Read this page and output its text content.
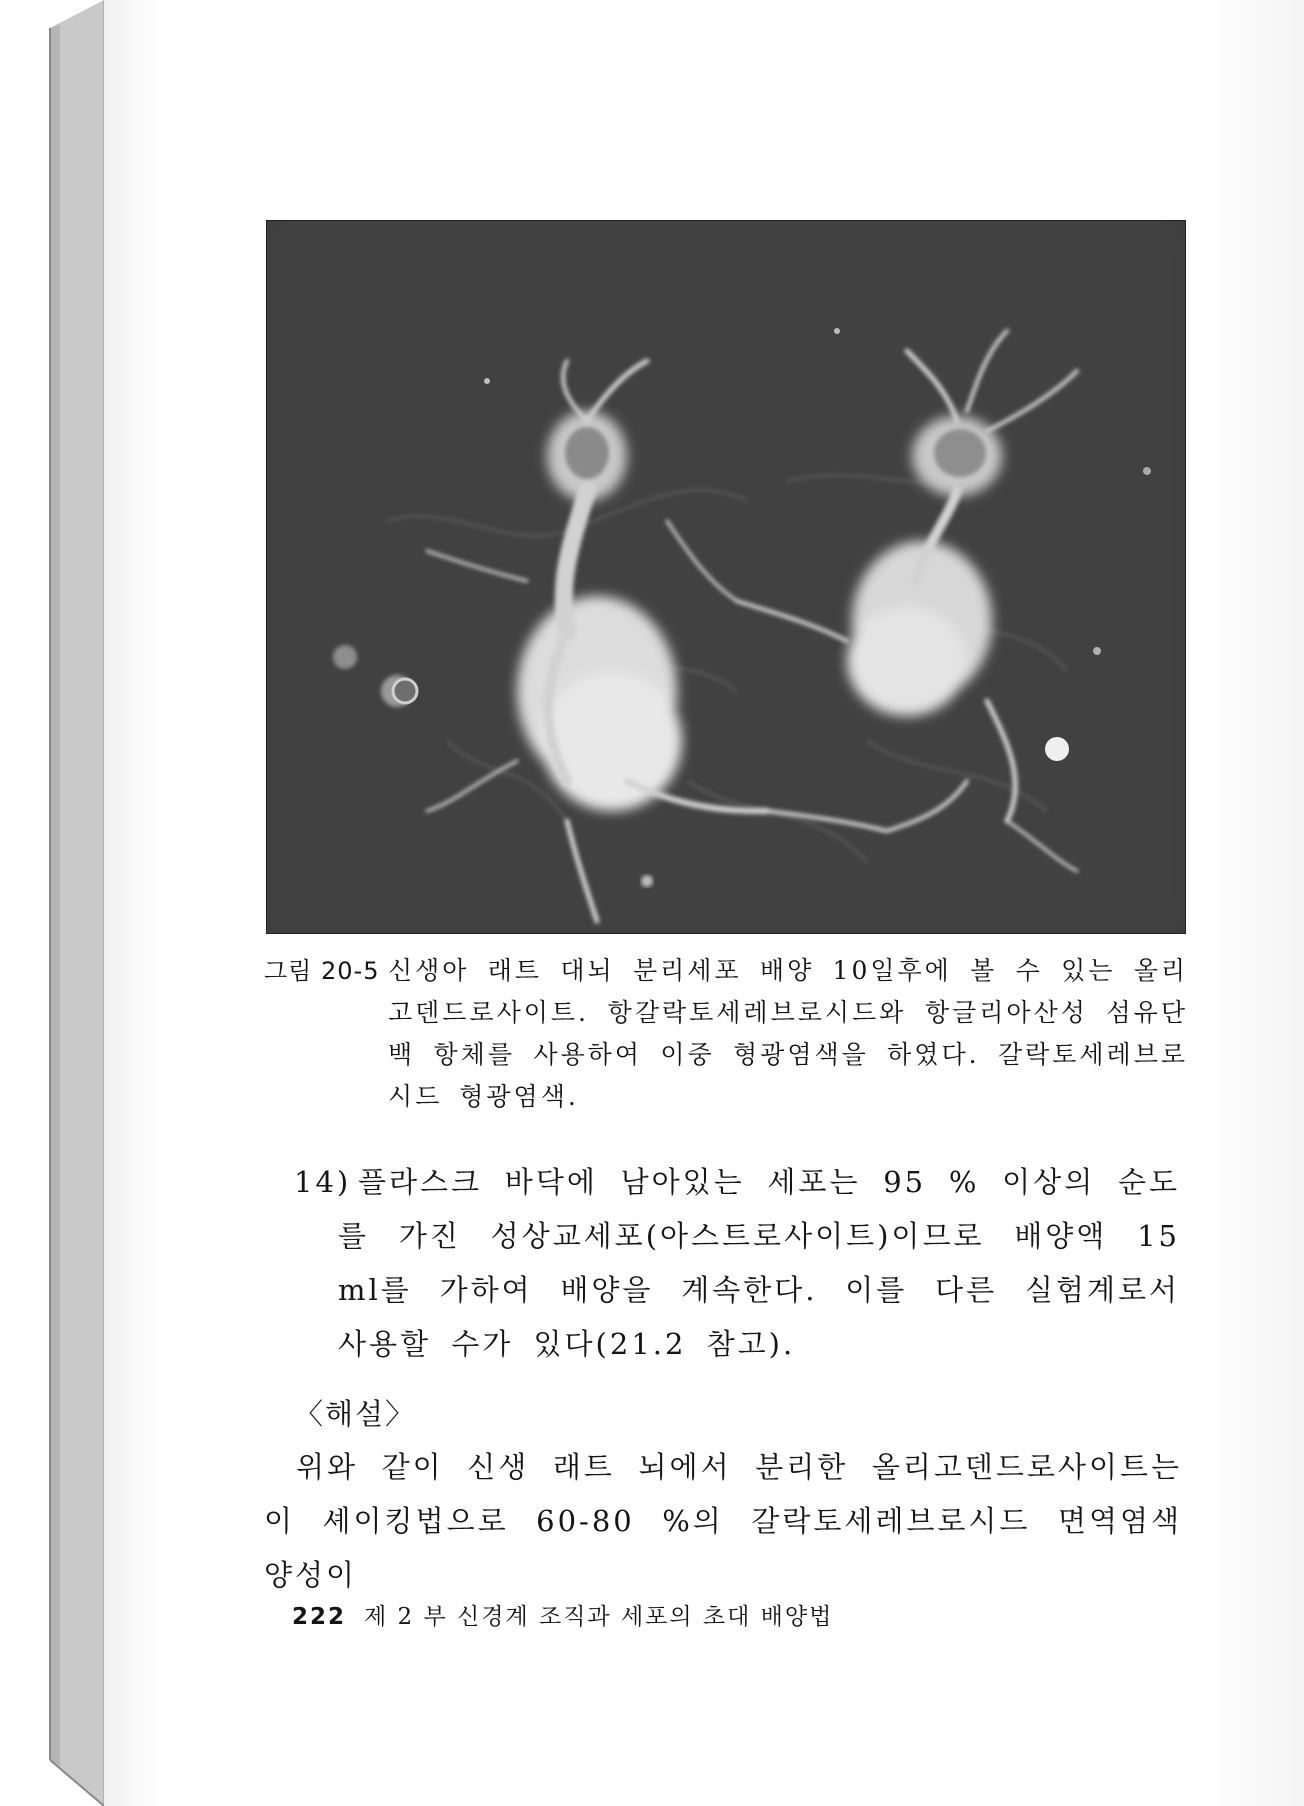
그림 20-5 신생아 래트 대뇌 분리세포 배양 10일후에 볼 수 있는 올리고덴드로사이트. 항갈락토세레브로시드와 항글리아산성 섬유단백 항체를 사용하여 이중 형광염색을 하였다. 갈락토세레브로시드 형광염색.
14) 플라스크 바닥에 남아있는 세포는 95 % 이상의 순도를 가진 성상교세포(아스트로사이트)이므로 배양액 15 ml를 가하여 배양을 계속한다. 이를 다른 실험계로서 사용할 수가 있다(21.2 참고).
〈해설〉
위와 같이 신생 래트 뇌에서 분리한 올리고덴드로사이트는 이 셰이킹법으로 60-80 %의 갈락토세레브로시드 면역염색 양성이
222 제 2 부 신경계 조직과 세포의 초대 배양법
